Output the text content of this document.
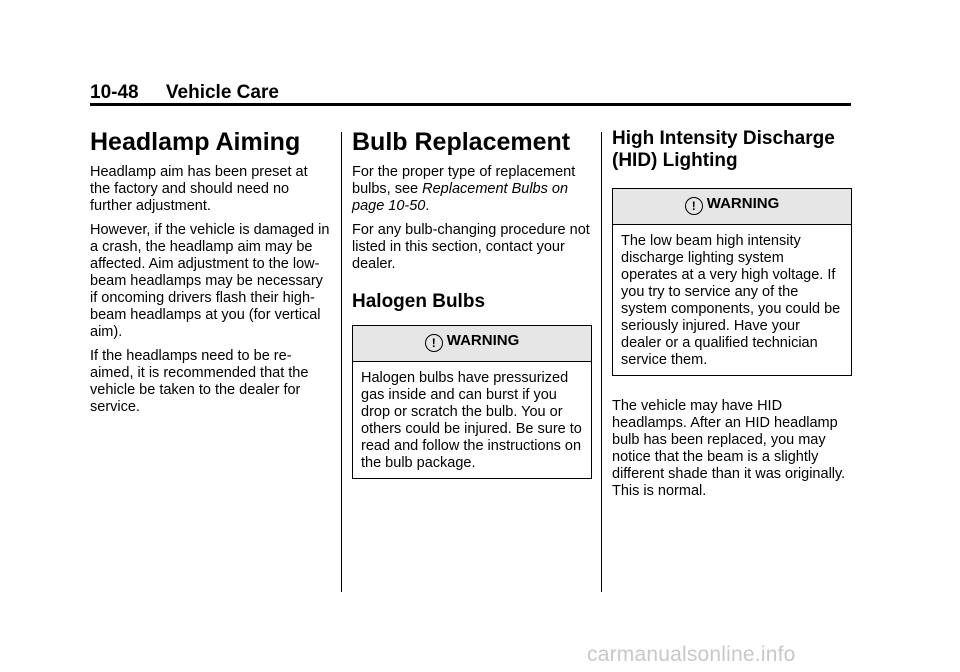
10-48 Vehicle Care
Headlamp Aiming

Headlamp aim has been preset at the factory and should need no further adjustment.

However, if the vehicle is damaged in a crash, the headlamp aim may be affected. Aim adjustment to the low-beam headlamps may be necessary if oncoming drivers flash their high-beam headlamps at you (for vertical aim).

If the headlamps need to be re-aimed, it is recommended that the vehicle be taken to the dealer for service.

Bulb Replacement

For the proper type of replacement bulbs, see Replacement Bulbs on page 10-50.

For any bulb-changing procedure not listed in this section, contact your dealer.

Halogen Bulbs
! WARNING
Halogen bulbs have pressurized gas inside and can burst if you drop or scratch the bulb. You or others could be injured. Be sure to read and follow the instructions on the bulb package.
High Intensity Discharge
(HID) Lighting
! WARNING
The low beam high intensity discharge lighting system operates at a very high voltage. If you try to service any of the system components, you could be seriously injured. Have your dealer or a qualified technician service them.

The vehicle may have HID headlamps. After an HID headlamp bulb has been replaced, you may notice that the beam is a slightly different shade than it was originally. This is normal.

carmanualsonline.info
